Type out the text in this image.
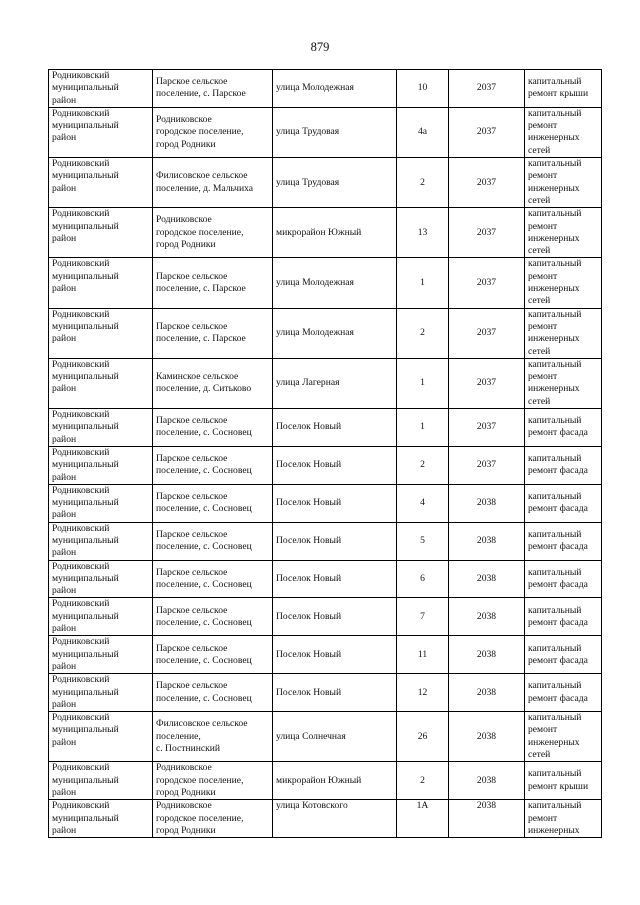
879
Родниковский
муниципальный
район	Парское сельское
поселение, с. Парское	улица Молодежная	10	2037	капитальный
ремонт крыши

Родниковский
муниципальный
район	Родниковское
городское поселение,
город Родники	улица Трудовая	4а	2037	капитальный
ремонт
инженерных
сетей

Родниковский
муниципальный
район	Филисовское сельское
поселение, д. Мальчиха	улица Трудовая	2	2037	капитальный
ремонт
инженерных
сетей

Родниковский
муниципальный
район	Родниковское
городское поселение,
город Родники	микрорайон Южный	13	2037	капитальный
ремонт
инженерных
сетей

Родниковский
муниципальный
район	Парское сельское
поселение, с. Парское	улица Молодежная	1	2037	капитальный
ремонт
инженерных
сетей

Родниковский
муниципальный
район	Парское сельское
поселение, с. Парское	улица Молодежная	2	2037	капитальный
ремонт
инженерных
сетей

Родниковский
муниципальный
район	Каминское сельское
поселение, д. Ситьково	улица Лагерная	1	2037	капитальный
ремонт
инженерных
сетей

Родниковский
муниципальный
район	Парское сельское
поселение, с. Сосновец	Поселок Новый	1	2037	капитальный
ремонт фасада

Родниковский
муниципальный
район	Парское сельское
поселение, с. Сосновец	Поселок Новый	2	2037	капитальный
ремонт фасада

Родниковский
муниципальный
район	Парское сельское
поселение, с. Сосновец	Поселок Новый	4	2038	капитальный
ремонт фасада

Родниковский
муниципальный
район	Парское сельское
поселение, с. Сосновец	Поселок Новый	5	2038	капитальный
ремонт фасада

Родниковский
муниципальный
район	Парское сельское
поселение, с. Сосновец	Поселок Новый	6	2038	капитальный
ремонт фасада

Родниковский
муниципальный
район	Парское сельское
поселение, с. Сосновец	Поселок Новый	7	2038	капитальный
ремонт фасада

Родниковский
муниципальный
район	Парское сельское
поселение, с. Сосновец	Поселок Новый	11	2038	капитальный
ремонт фасада

Родниковский
муниципальный
район	Парское сельское
поселение, с. Сосновец	Поселок Новый	12	2038	капитальный
ремонт фасада

Родниковский
муниципальный
район	Филисовское сельское
поселение,
с. Постнинский	улица Солнечная	26	2038	капитальный
ремонт
инженерных
сетей

Родниковский
муниципальный
район	Родниковское
городское поселение,
город Родники	микрорайон Южный	2	2038	капитальный
ремонт крыши

Родниковский
муниципальный
район	Родниковское
городское поселение,
город Родники	улица Котовского	1А	2038	капитальный
ремонт
инженерных
